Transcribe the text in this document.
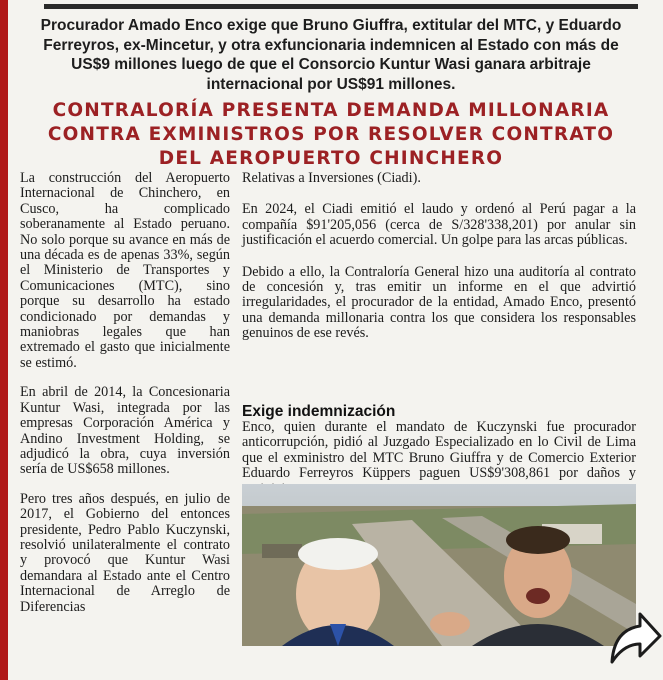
Procurador Amado Enco exige que Bruno Giuffra, extitular del MTC, y Eduardo Ferreyros, ex-Mincetur, y otra exfuncionaria indemnicen al Estado con más de US$9 millones luego de que el Consorcio Kuntur Wasi ganara arbitraje internacional por US$91 millones.

CONTRALORÍA PRESENTA DEMANDA MILLONARIA CONTRA EXMINISTROS POR RESOLVER CONTRATO DEL AEROPUERTO CHINCHERO

La construcción del Aeropuerto Internacional de Chinchero, en Cusco, ha complicado soberanamente al Estado peruano. No solo porque su avance en más de una década es de apenas 33%, según el Ministerio de Transportes y Comunicaciones (MTC), sino porque su desarrollo ha estado condicionado por demandas y maniobras legales que han extremado el gasto que inicialmente se estimó.

En abril de 2014, la Concesionaria Kuntur Wasi, integrada por las empresas Corporación América y Andino Investment Holding, se adjudicó la obra, cuya inversión sería de US$658 millones.

Pero tres años después, en julio de 2017, el Gobierno del entonces presidente, Pedro Pablo Kuczynski, resolvió unilateralmente el contrato y provocó que Kuntur Wasi demandara al Estado ante el Centro Internacional de Arreglo de Diferencias

Relativas a Inversiones (Ciadi).

En 2024, el Ciadi emitió el laudo y ordenó al Perú pagar a la compañía $91'205,056 (cerca de S/328'338,201) por anular sin justificación el acuerdo comercial. Un golpe para las arcas públicas.

Debido a ello, la Contraloría General hizo una auditoría al contrato de concesión y, tras emitir un informe en el que advirtió irregularidades, el procurador de la entidad, Amado Enco, presentó una demanda millonaria contra los que considera los responsables genuinos de ese revés.

Exige indemnización

Enco, quien durante el mandato de Kuczynski fue procurador anticorrupción, pidió al Juzgado Especializado en lo Civil de Lima que el exministro del MTC Bruno Giuffra y de Comercio Exterior Eduardo Ferreyros Küppers paguen US$9'308,861 por daños y
